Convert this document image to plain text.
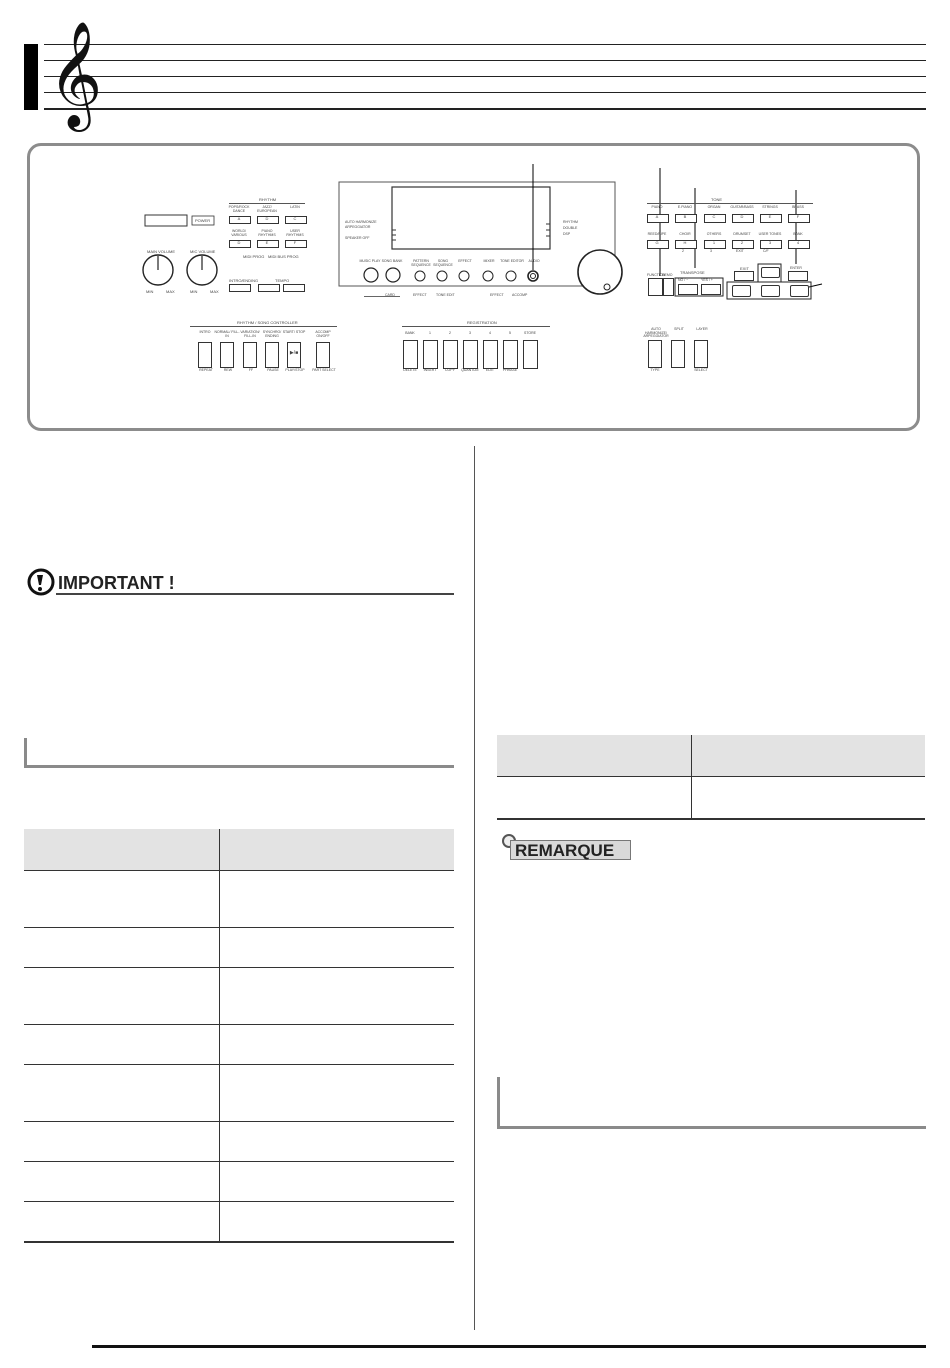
𝄞
POWER
MAIN VOLUME	MIC VOLUME
MIN	MAX	MIN	MAX
RHYTHM
POPS/ROCK DANCE
A
JAZZ/ EUROPEAN
D
LATIN
C
WORLD/ VARIOUS
D
PIANO RHYTHMS
E
USER RHYTHMS
F
MIDI PROG MIDI BUS PROG
INTRO/ENDING	TEMPO
AUTO HARMONIZE
ARPEGGIATOR
SPEAKER OFF
RHYTHM
DOUBLE
DSP
MUSIC PLAY SONG BANK	PATTERN SEQUENCE
SONG SEQUENCE
EFFECT	MIXER	TONE EDITOR	AUDIO
CARD	EFFECT	TONE EDIT	EFFECT ACCOMP
TONE
PIANO
A
E.PIANO
B
ORGAN
C
GUITAR/BASS
D
STRINGS
E
BRASS
F
REED/PIPE
G
CHOIR
H
OTHERS
1
DRUMSET
2
USER TONES
3
BANK
4
2	3	EXIT	C/F
FUNCTION
DEMO TRANSPOSE
EXIT
NO / −	YES / +
ENTER
RHYTHM / SONG CONTROLLER
INTRO	NORMAL/ FILL-IN
VARIATION/ FILL-IN
SYNCHRO/ ENDING
START/ STOP	ACCOMP ON/OFF
REPEAT	REW	FF	PAUSE	PLAY/STOP	PART SELECT
▶/■
REGISTRATION
BANK	1	2	3	4	5	STORE
DELETE	INSERT	COPY	QUANTIZE	EDIT	PHRASE
AUTO HARMONIZE/ ARPEGGIATOR
TYPE
SPLIT	LAYER
SELECT
IMPORTANT !
REMARQUE
